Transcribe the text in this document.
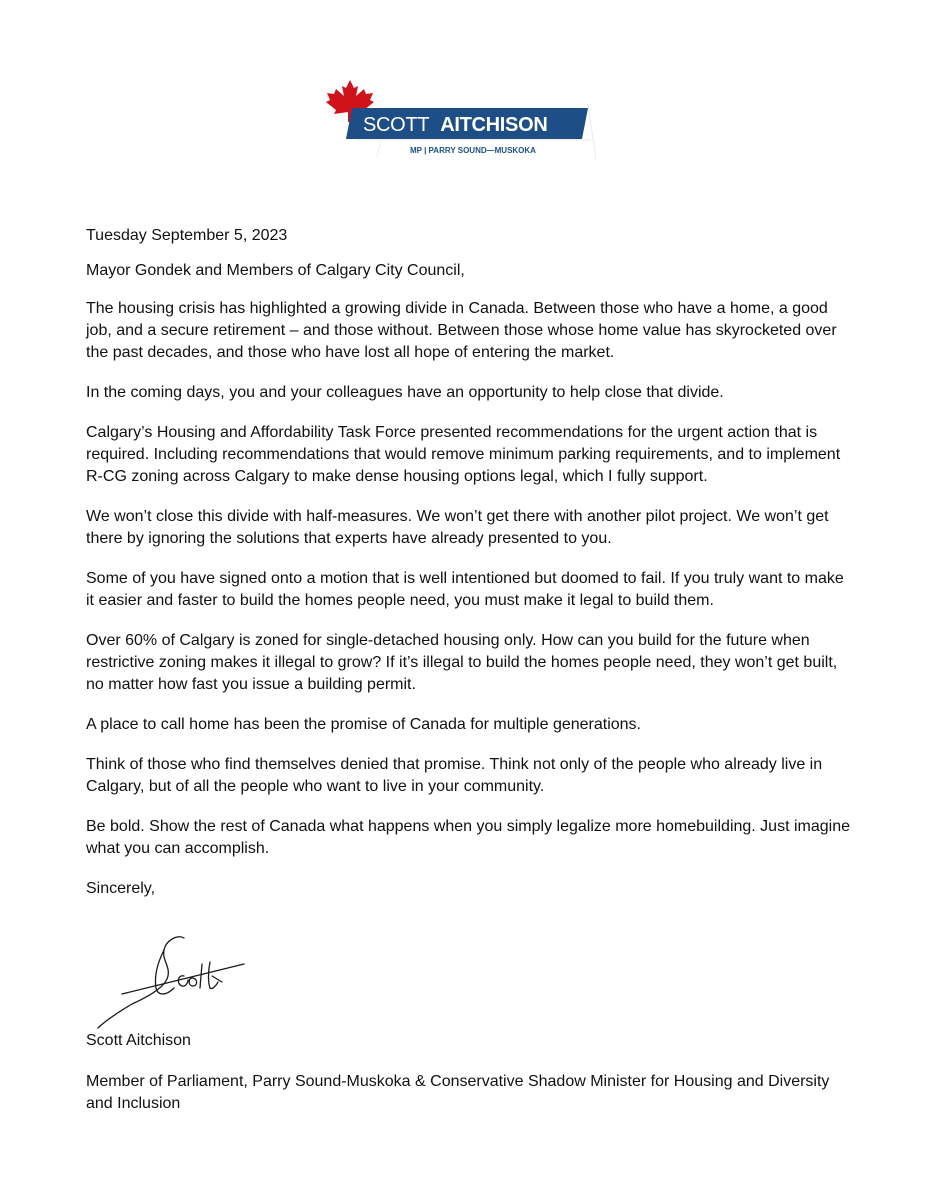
SCOTT AITCHISON
MP | PARRY SOUND—MUSKOKA

Tuesday September 5, 2023

Mayor Gondek and Members of Calgary City Council,

The housing crisis has highlighted a growing divide in Canada. Between those who have a home, a good job, and a secure retirement – and those without. Between those whose home value has skyrocketed over the past decades, and those who have lost all hope of entering the market.

In the coming days, you and your colleagues have an opportunity to help close that divide.

Calgary’s Housing and Affordability Task Force presented recommendations for the urgent action that is required. Including recommendations that would remove minimum parking requirements, and to implement R-CG zoning across Calgary to make dense housing options legal, which I fully support.

We won’t close this divide with half-measures. We won’t get there with another pilot project. We won’t get there by ignoring the solutions that experts have already presented to you.

Some of you have signed onto a motion that is well intentioned but doomed to fail. If you truly want to make it easier and faster to build the homes people need, you must make it legal to build them.

Over 60% of Calgary is zoned for single-detached housing only. How can you build for the future when restrictive zoning makes it illegal to grow? If it’s illegal to build the homes people need, they won’t get built, no matter how fast you issue a building permit.

A place to call home has been the promise of Canada for multiple generations.

Think of those who find themselves denied that promise. Think not only of the people who already live in Calgary, but of all the people who want to live in your community.

Be bold. Show the rest of Canada what happens when you simply legalize more homebuilding. Just imagine what you can accomplish.

Sincerely,

Scott Aitchison
Member of Parliament, Parry Sound-Muskoka & Conservative Shadow Minister for Housing and Diversity and Inclusion
